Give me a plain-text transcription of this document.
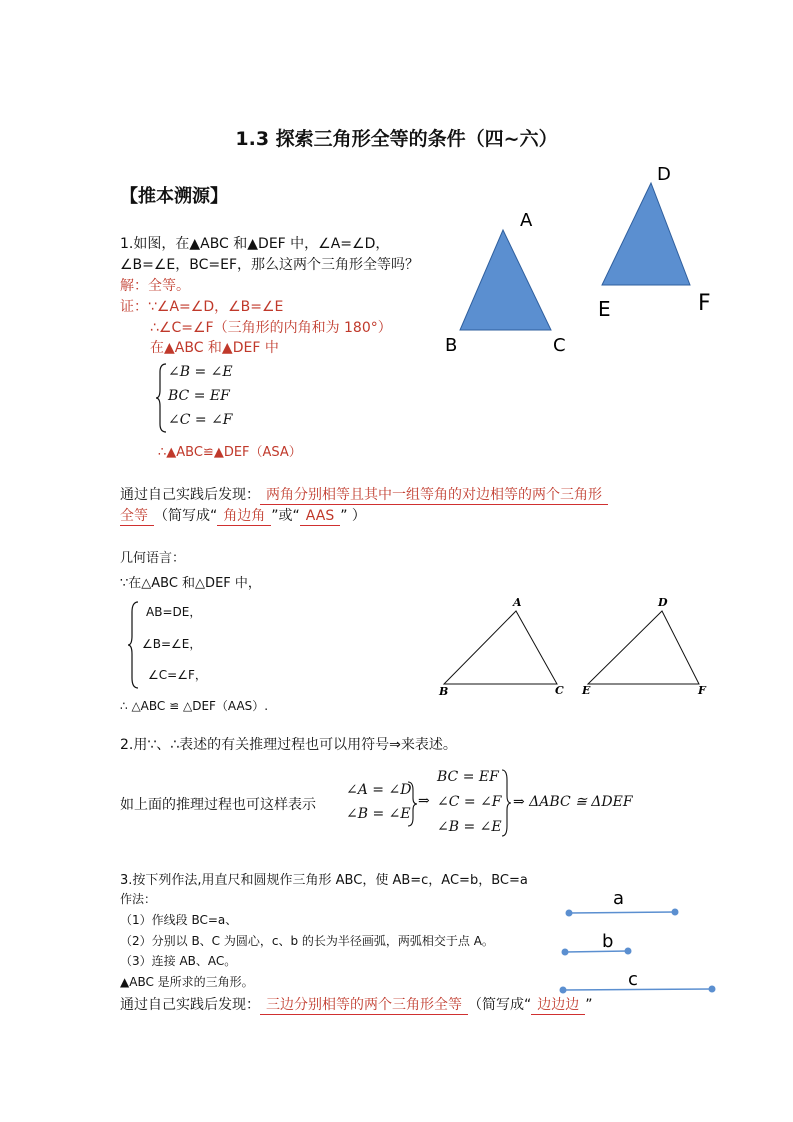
1.3 探索三角形全等的条件（四~六）
【推本溯源】
1.如图，在▲ABC 和▲DEF 中，∠A=∠D，
∠B=∠E，BC=EF，那么这两个三角形全等吗？
解：全等。
证：∵∠A=∠D，∠B=∠E
∴∠C=∠F（三角形的内角和为 180°）
在▲ABC 和▲DEF 中
∠B = ∠E
BC = EF
∠C = ∠F
∴▲ABC≌▲DEF（ASA）
A
B	C
D
E	F
通过自己实践后发现： 两角分别相等且其中一组等角的对边相等的两个三角形
全等 （简写成“ 角边角 ”或“ AAS ” ）
几何语言：
∵在△ABC 和△DEF 中，
AB=DE，
∠B=∠E，
∠C=∠F，
∴ △ABC ≌ △DEF（AAS）.
A
B	C
D
E	F
2.用∵、∴表述的有关推理过程也可以用符号⇒来表述。
如上面的推理过程也可这样表示
∠A = ∠D
∠B = ∠E
⇒
BC = EF
∠C = ∠F
∠B = ∠E
⇒ ΔABC ≅ ΔDEF
3.按下列作法,用直尺和圆规作三角形 ABC，使 AB=c，AC=b，BC=a
作法：
（1）作线段 BC=a、
（2）分别以 B、C 为圆心，c、b 的长为半径画弧，两弧相交于点 A。
（3）连接 AB、AC。
▲ABC 是所求的三角形。
a
b
c
通过自己实践后发现： 三边分别相等的两个三角形全等 （简写成“ 边边边 ”
